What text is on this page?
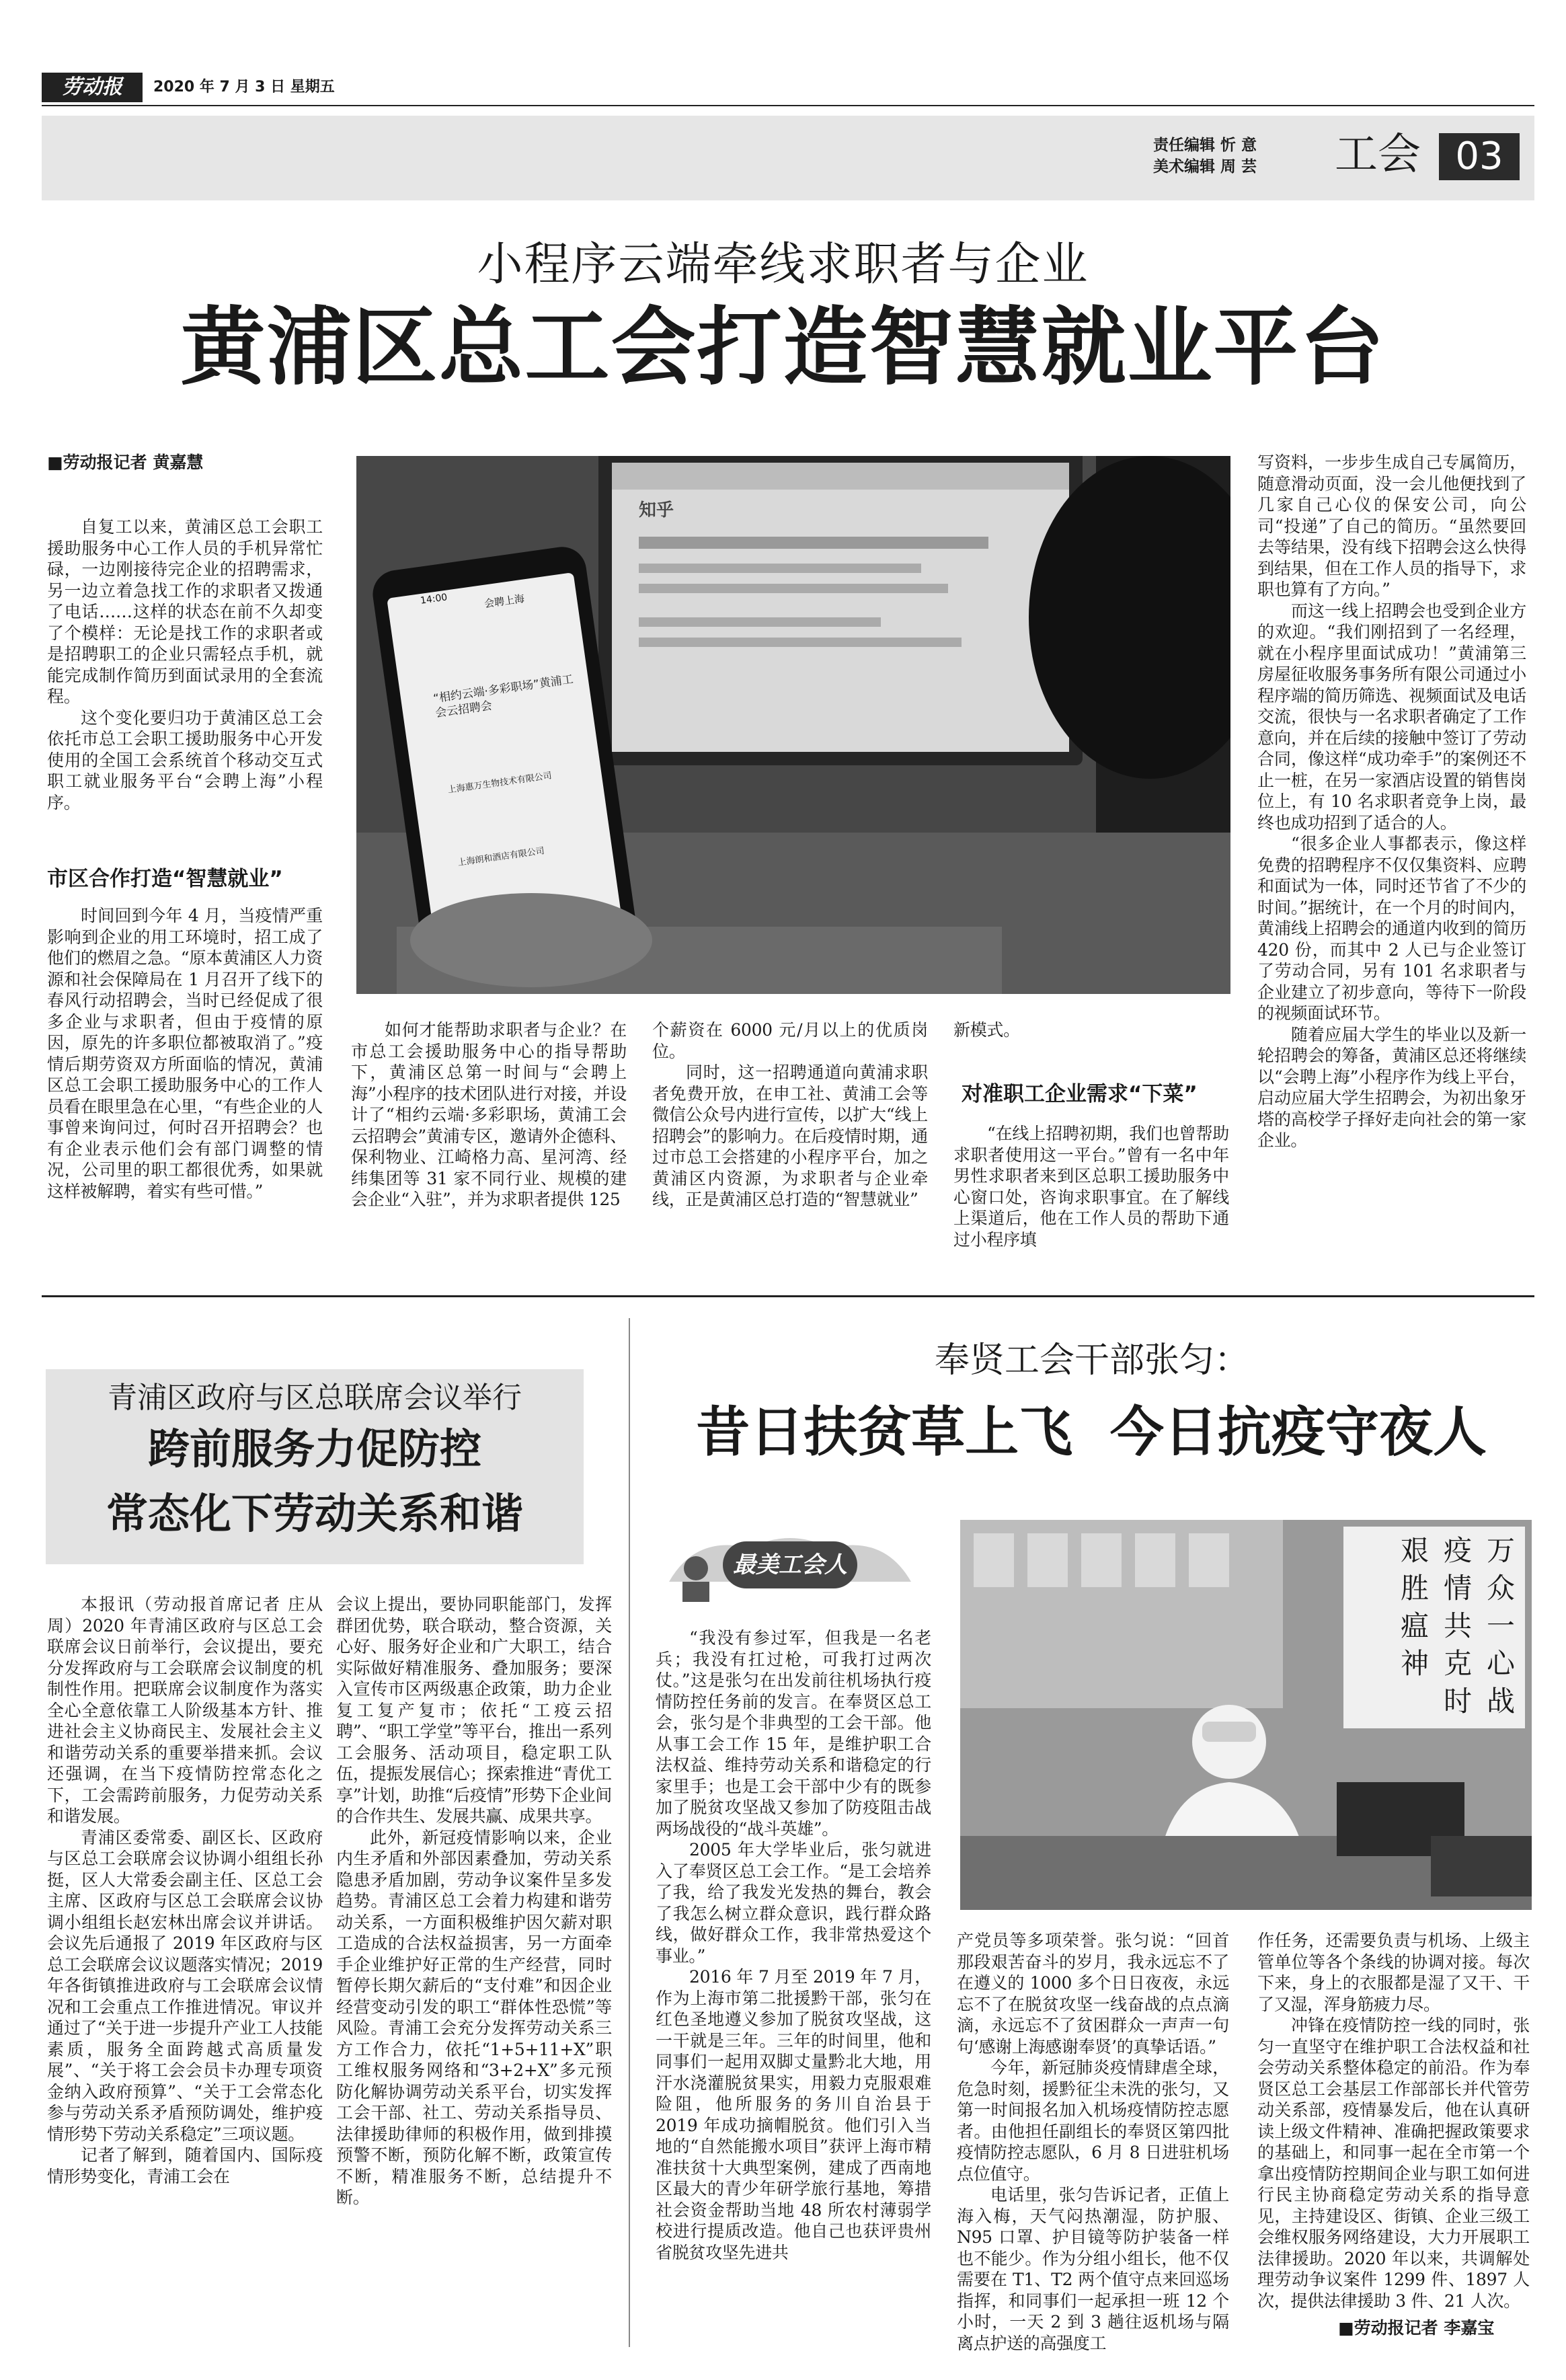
劳动报	2020 年 7 月 3 日 星期五
责任编辑 忻 意
美术编辑 周 芸 工会 03
小程序云端牵线求职者与企业
黄浦区总工会打造智慧就业平台
■劳动报记者 黄嘉慧
14:00	会聘上海
“相约云端·多彩职场”黄浦工会云招聘会
上海惠万生物技术有限公司
上海朗和酒店有限公司
知乎

自复工以来，黄浦区总工会职工援助服务中心工作人员的手机异常忙碌，一边刚接待完企业的招聘需求，另一边立着急找工作的求职者又拨通了电话……这样的状态在前不久却变了个模样：无论是找工作的求职者或是招聘职工的企业只需轻点手机，就能完成制作简历到面试录用的全套流程。

这个变化要归功于黄浦区总工会依托市总工会职工援助服务中心开发使用的全国工会系统首个移动交互式职工就业服务平台“会聘上海”小程序。

市区合作打造“智慧就业”

时间回到今年 4 月，当疫情严重影响到企业的用工环境时，招工成了他们的燃眉之急。“原本黄浦区人力资源和社会保障局在 1 月召开了线下的春风行动招聘会，当时已经促成了很多企业与求职者，但由于疫情的原因，原先的许多职位都被取消了。”疫情后期劳资双方所面临的情况，黄浦区总工会职工援助服务中心的工作人员看在眼里急在心里，“有些企业的人事曾来询问过，何时召开招聘会？也有企业表示他们会有部门调整的情况，公司里的职工都很优秀，如果就这样被解聘，着实有些可惜。”

如何才能帮助求职者与企业？在市总工会援助服务中心的指导帮助下，黄浦区总第一时间与“会聘上海”小程序的技术团队进行对接，并设计了“相约云端·多彩职场，黄浦工会云招聘会”黄浦专区，邀请外企德科、保利物业、江崎格力高、星河湾、经纬集团等 31 家不同行业、规模的建会企业“入驻”，并为求职者提供 125

个薪资在 6000 元/月以上的优质岗位。

同时，这一招聘通道向黄浦求职者免费开放，在申工社、黄浦工会等微信公众号内进行宣传，以扩大“线上招聘会”的影响力。在后疫情时期，通过市总工会搭建的小程序平台，加之黄浦区内资源，为求职者与企业牵线，正是黄浦区总打造的“智慧就业”

新模式。

对准职工企业需求“下菜”

“在线上招聘初期，我们也曾帮助求职者使用这一平台。”曾有一名中年男性求职者来到区总职工援助服务中心窗口处，咨询求职事宜。在了解线上渠道后，他在工作人员的帮助下通过小程序填

写资料，一步步生成自己专属简历，随意滑动页面，没一会儿他便找到了几家自己心仪的保安公司，向公司“投递”了自己的简历。“虽然要回去等结果，没有线下招聘会这么快得到结果，但在工作人员的指导下，求职也算有了方向。”

而这一线上招聘会也受到企业方的欢迎。“我们刚招到了一名经理，就在小程序里面试成功！”黄浦第三房屋征收服务事务所有限公司通过小程序端的简历筛选、视频面试及电话交流，很快与一名求职者确定了工作意向，并在后续的接触中签订了劳动合同，像这样“成功牵手”的案例还不止一桩，在另一家酒店设置的销售岗位上，有 10 名求职者竞争上岗，最终也成功招到了适合的人。

“很多企业人事都表示，像这样免费的招聘程序不仅仅集资料、应聘和面试为一体，同时还节省了不少的时间。”据统计，在一个月的时间内，黄浦线上招聘会的通道内收到的简历 420 份，而其中 2 人已与企业签订了劳动合同，另有 101 名求职者与企业建立了初步意向，等待下一阶段的视频面试环节。

随着应届大学生的毕业以及新一轮招聘会的筹备，黄浦区总还将继续以“会聘上海”小程序作为线上平台，启动应届大学生招聘会，为初出象牙塔的高校学子择好走向社会的第一家企业。

青浦区政府与区总联席会议举行
跨前服务力促防控
常态化下劳动关系和谐

本报讯（劳动报首席记者 庄从周）2020 年青浦区政府与区总工会联席会议日前举行，会议提出，要充分发挥政府与工会联席会议制度的机制性作用。把联席会议制度作为落实全心全意依靠工人阶级基本方针、推进社会主义协商民主、发展社会主义和谐劳动关系的重要举措来抓。会议还强调，在当下疫情防控常态化之下，工会需跨前服务，力促劳动关系和谐发展。

青浦区委常委、副区长、区政府与区总工会联席会议协调小组组长孙挺，区人大常委会副主任、区总工会主席、区政府与区总工会联席会议协调小组组长赵宏林出席会议并讲话。会议先后通报了 2019 年区政府与区总工会联席会议议题落实情况；2019 年各街镇推进政府与工会联席会议情况和工会重点工作推进情况。审议并通过了“关于进一步提升产业工人技能素质，服务全面跨越式高质量发展”、“关于将工会会员卡办理专项资金纳入政府预算”、“关于工会常态化参与劳动关系矛盾预防调处，维护疫情形势下劳动关系稳定”三项议题。

记者了解到，随着国内、国际疫情形势变化，青浦工会在

会议上提出，要协同职能部门，发挥群团优势，联合联动，整合资源，关心好、服务好企业和广大职工，结合实际做好精准服务、叠加服务；要深入宣传市区两级惠企政策，助力企业复工复产复市；依托“工疫云招聘”、“职工学堂”等平台，推出一系列工会服务、活动项目，稳定职工队伍，提振发展信心；探索推进“青优工享”计划，助推“后疫情”形势下企业间的合作共生、发展共赢、成果共享。

此外，新冠疫情影响以来，企业内生矛盾和外部因素叠加，劳动关系隐患矛盾加剧，劳动争议案件呈多发趋势。青浦区总工会着力构建和谐劳动关系，一方面积极维护因欠薪对职工造成的合法权益损害，另一方面牵手企业维护好正常的生产经营，同时暂停长期欠薪后的“支付难”和因企业经营变动引发的职工“群体性恐慌”等风险。青浦工会充分发挥劳动关系三方工作合力，依托“1+5+11+X”职工维权服务网络和“3+2+X”多元预防化解协调劳动关系平台，切实发挥工会干部、社工、劳动关系指导员、法律援助律师的积极作用，做到排摸预警不断，预防化解不断，政策宣传不断，精准服务不断，总结提升不断。

奉贤工会干部张匀：
昔日扶贫草上飞  今日抗疫守夜人
最美工会人	万
众
一
心
战
疫
情
共
克
时
艰
胜
瘟
神

“我没有参过军，但我是一名老兵；我没有扛过枪，可我打过两次仗。”这是张匀在出发前往机场执行疫情防控任务前的发言。在奉贤区总工会，张匀是个非典型的工会干部。他从事工会工作 15 年，是维护职工合法权益、维持劳动关系和谐稳定的行家里手；也是工会干部中少有的既参加了脱贫攻坚战又参加了防疫阻击战两场战役的“战斗英雄”。

2005 年大学毕业后，张匀就进入了奉贤区总工会工作。“是工会培养了我，给了我发光发热的舞台，教会了我怎么树立群众意识，践行群众路线，做好群众工作，我非常热爱这个事业。”

2016 年 7 月至 2019 年 7 月，作为上海市第二批援黔干部，张匀在红色圣地遵义参加了脱贫攻坚战，这一干就是三年。三年的时间里，他和同事们一起用双脚丈量黔北大地，用汗水浇灌脱贫果实，用毅力克服艰难险阻，他所服务的务川自治县于 2019 年成功摘帽脱贫。他们引入当地的“自然能搬水项目”获评上海市精准扶贫十大典型案例，建成了西南地区最大的青少年研学旅行基地，筹措社会资金帮助当地 48 所农村薄弱学校进行提质改造。他自己也获评贵州省脱贫攻坚先进共

产党员等多项荣誉。张匀说：“回首那段艰苦奋斗的岁月，我永远忘不了在遵义的 1000 多个日日夜夜，永远忘不了在脱贫攻坚一线奋战的点点滴滴，永远忘不了贫困群众一声声一句句‘感谢上海感谢奉贤’的真挚话语。”

今年，新冠肺炎疫情肆虐全球，危急时刻，援黔征尘未洗的张匀，又第一时间报名加入机场疫情防控志愿者。由他担任副组长的奉贤区第四批疫情防控志愿队，6 月 8 日进驻机场点位值守。

电话里，张匀告诉记者，正值上海入梅，天气闷热潮湿，防护服、N95 口罩、护目镜等防护装备一样也不能少。作为分组小组长，他不仅需要在 T1、T2 两个值守点来回巡场指挥，和同事们一起承担一班 12 个小时，一天 2 到 3 趟往返机场与隔离点护送的高强度工

作任务，还需要负责与机场、上级主管单位等各个条线的协调对接。每次下来，身上的衣服都是湿了又干、干了又湿，浑身筋疲力尽。

冲锋在疫情防控一线的同时，张匀一直坚守在维护职工合法权益和社会劳动关系整体稳定的前沿。作为奉贤区总工会基层工作部部长并代管劳动关系部，疫情暴发后，他在认真研读上级文件精神、准确把握政策要求的基础上，和同事一起在全市第一个拿出疫情防控期间企业与职工如何进行民主协商稳定劳动关系的指导意见，主持建设区、街镇、企业三级工会维权服务网络建设，大力开展职工法律援助。2020 年以来，共调解处理劳动争议案件 1299 件、1897 人次，提供法律援助 3 件、21 人次。

■劳动报记者 李嘉宝
